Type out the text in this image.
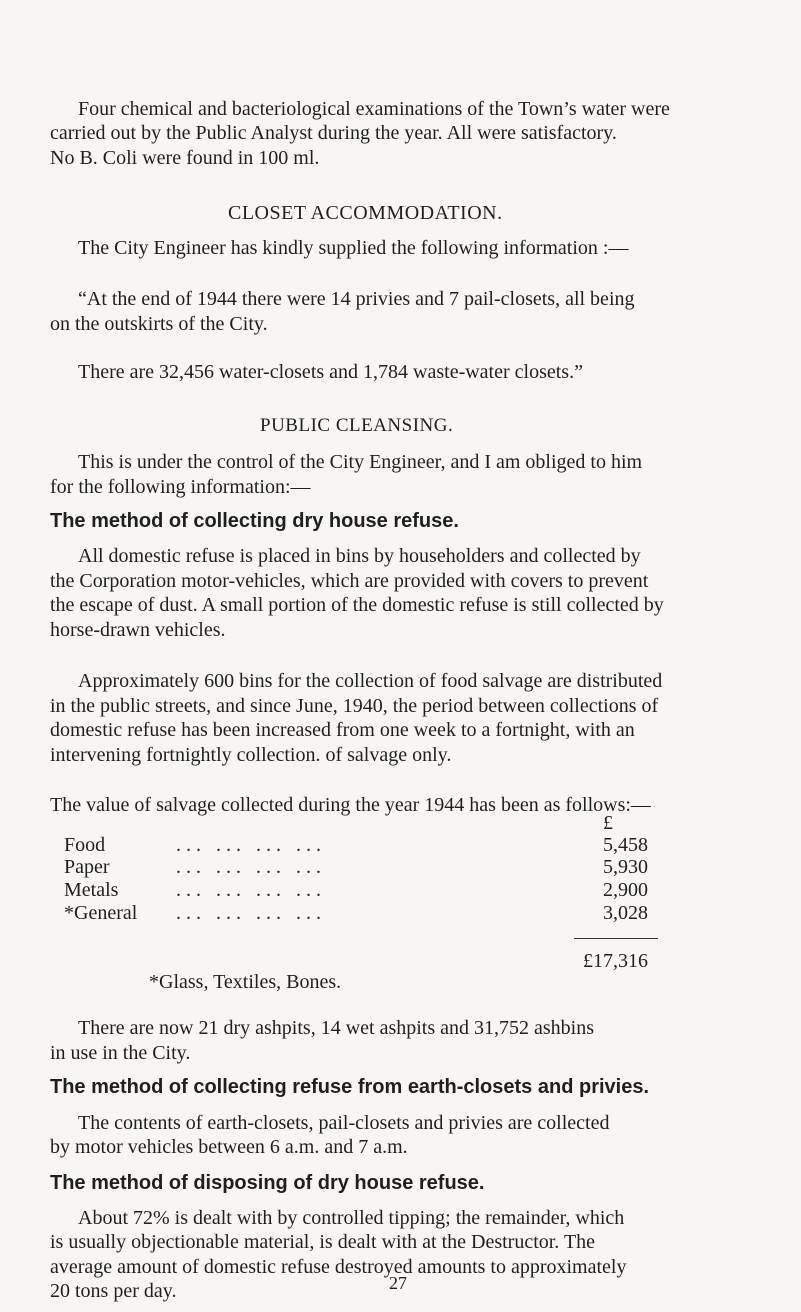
Four chemical and bacteriological examinations of the Town’s water were
carried out by the Public Analyst during the year. All were satisfactory.
No B. Coli were found in 100 ml.
CLOSET ACCOMMODATION.
The City Engineer has kindly supplied the following information :—
“At the end of 1944 there were 14 privies and 7 pail-closets, all being
on the outskirts of the City.
There are 32,456 water-closets and 1,784 waste-water closets.”
PUBLIC CLEANSING.
This is under the control of the City Engineer, and I am obliged to him
for the following information:—
The method of collecting dry house refuse.
All domestic refuse is placed in bins by householders and collected by
the Corporation motor-vehicles, which are provided with covers to prevent
the escape of dust. A small portion of the domestic refuse is still collected by
horse-drawn vehicles.
Approximately 600 bins for the collection of food salvage are distributed
in the public streets, and since June, 1940, the period between collections of
domestic refuse has been increased from one week to a fortnight, with an
intervening fortnightly collection. of salvage only.
The value of salvage collected during the year 1944 has been as follows:—
£
Food	... ... ... ...	5,458
Paper	... ... ... ...	5,930
Metals	... ... ... ...	2,900
*General ... ... ... ...	3,028
£17,316
*Glass, Textiles, Bones.
There are now 21 dry ashpits, 14 wet ashpits and 31,752 ashbins
in use in the City.
The method of collecting refuse from earth-closets and privies.
The contents of earth-closets, pail-closets and privies are collected
by motor vehicles between 6 a.m. and 7 a.m.
The method of disposing of dry house refuse.
About 72% is dealt with by controlled tipping; the remainder, which
is usually objectionable material, is dealt with at the Destructor. The
average amount of domestic refuse destroyed amounts to approximately
20 tons per day.	27
